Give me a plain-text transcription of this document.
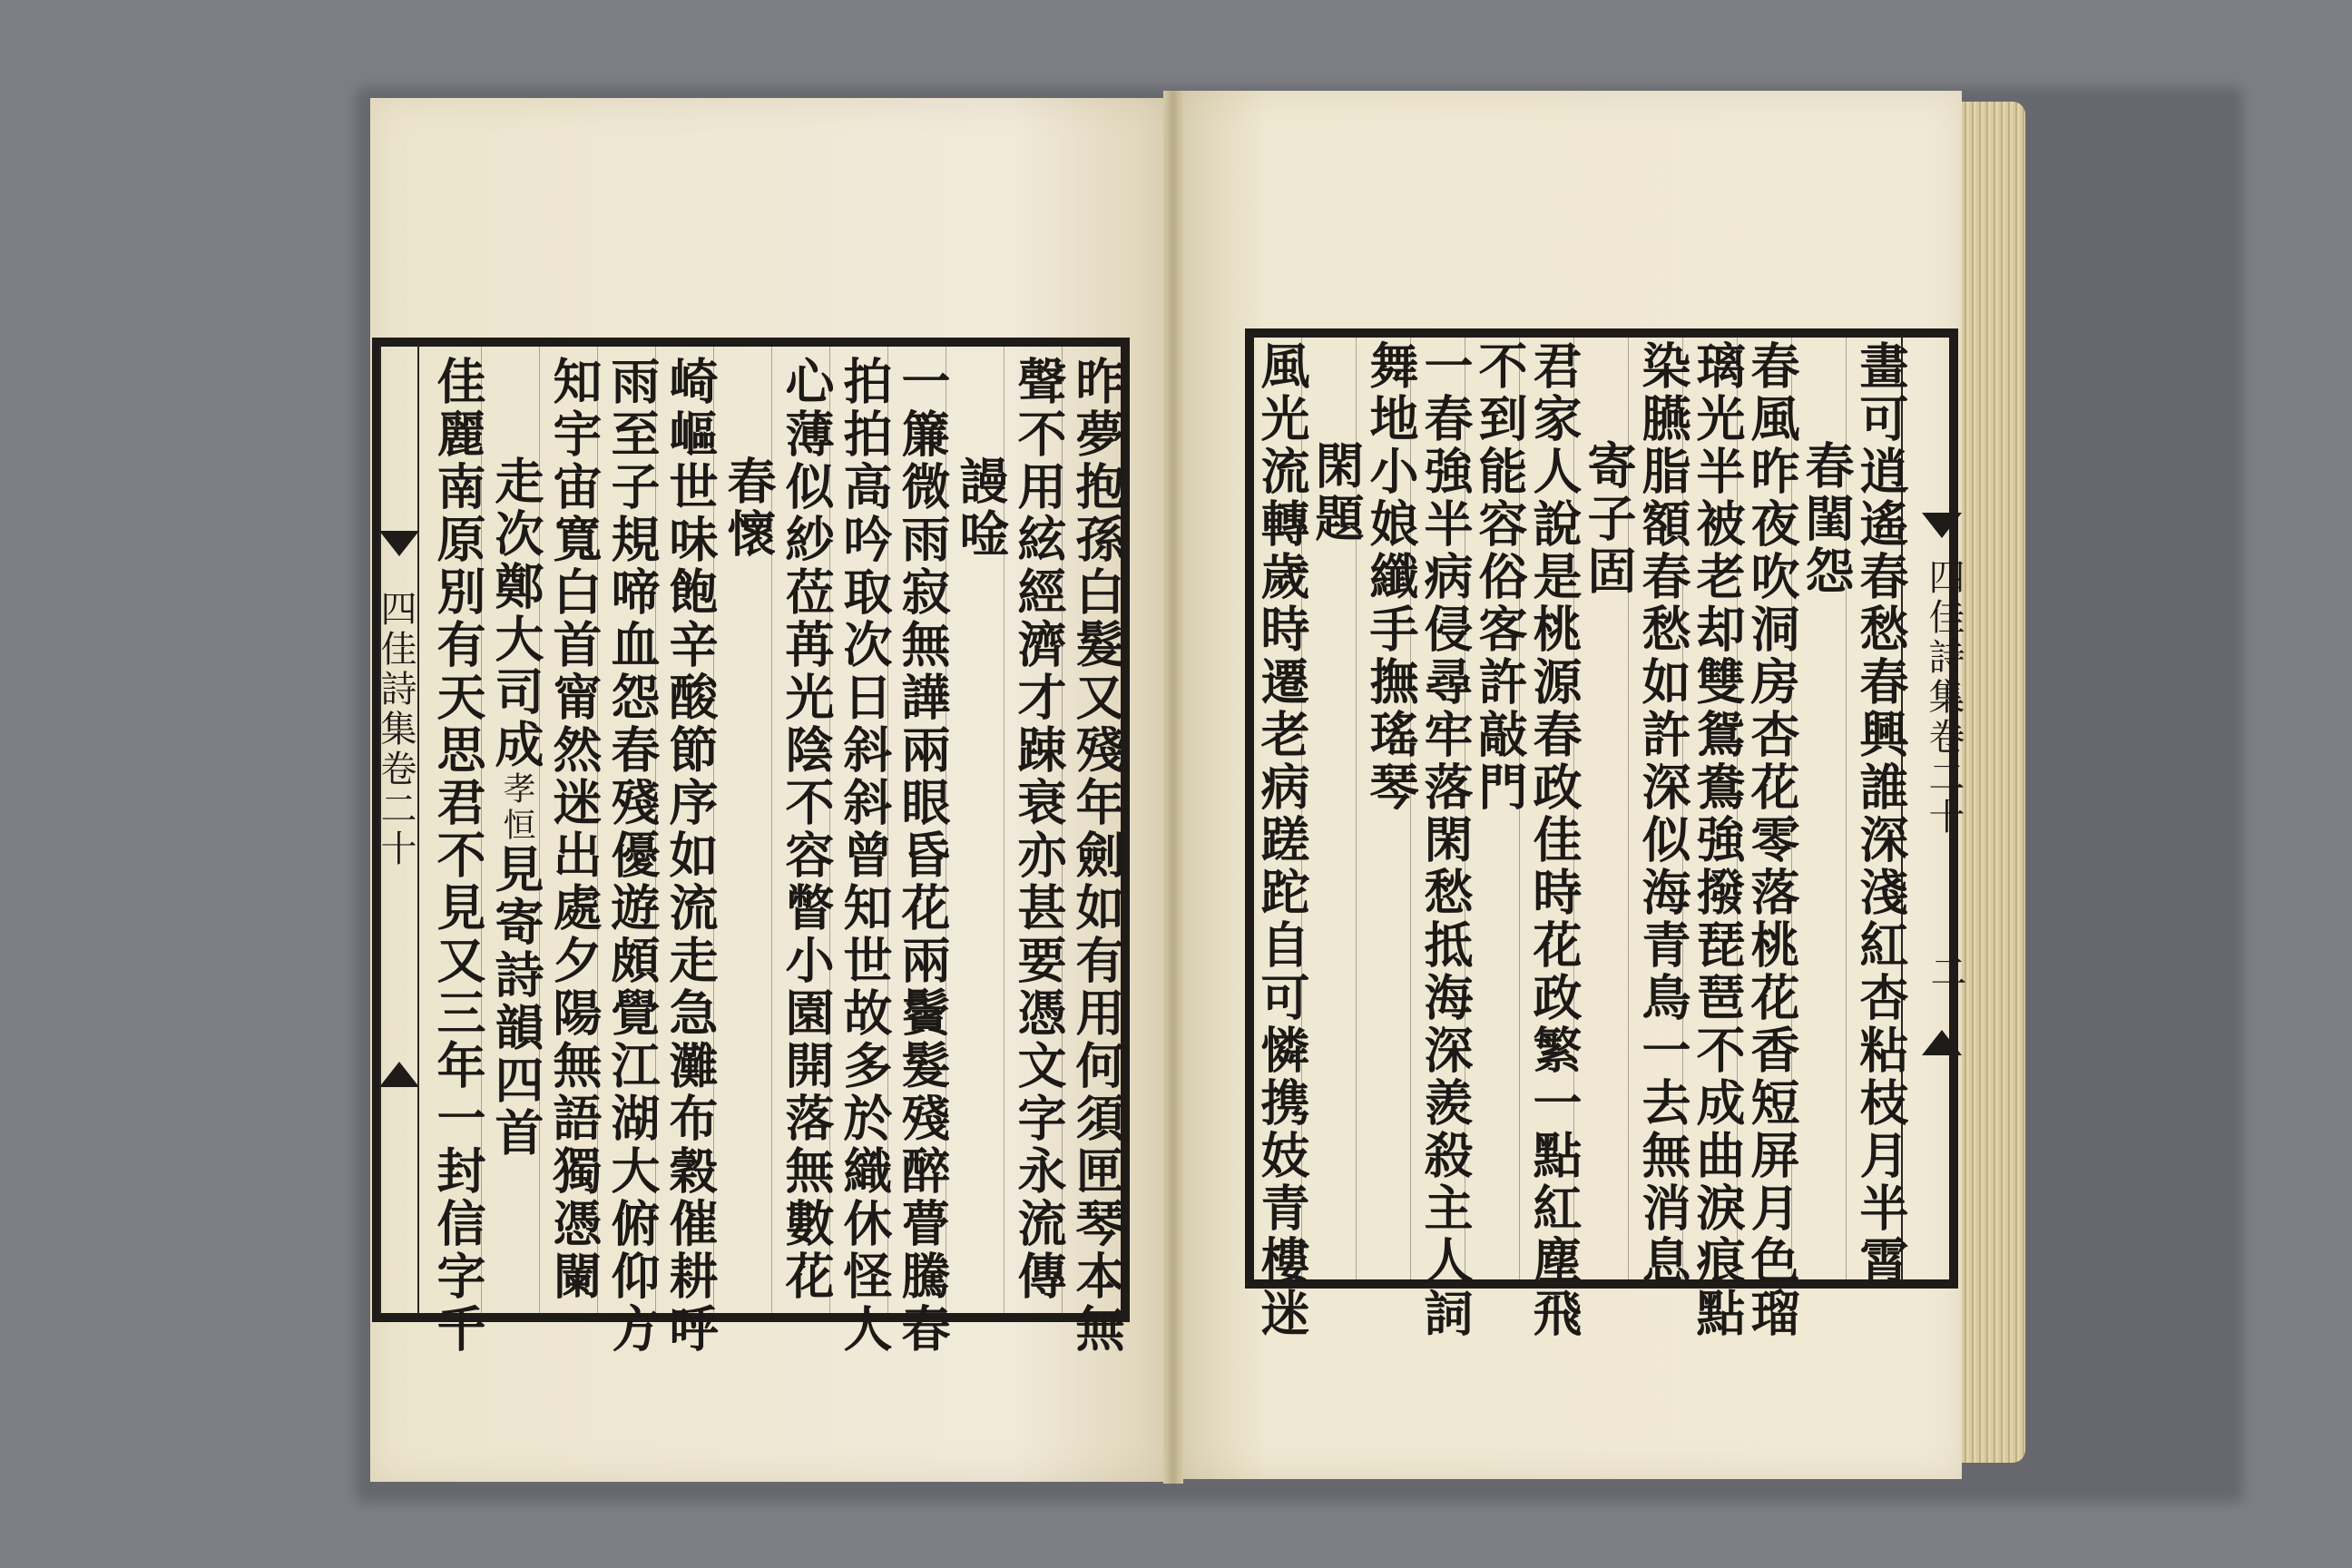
四佳詩集卷二十	昨夢抱孫白髮又殘年劍如有用何須匣琴本無
聲不用絃經濟才踈衰亦甚要憑文字永流傳
謾唫
一簾微雨寂無譁兩眼昏花兩鬢髮殘醉瞢騰春
拍拍高吟取次日斜斜曾知世故多於織休怪人
心薄似紗莅苒光陰不容瞥小園開落無數花
春懷
崎嶇世味飽辛酸節序如流走急灘布穀催耕呼
雨至子規啼血怨春殘優遊頗覺江湖大俯仰方
知宇宙寬白首甯然迷出處夕陽無語獨憑闌
走次鄭大司成孝恒見寄詩韻四首
佳麗南原別有天思君不見又三年一封信字千	四佳詩集卷二十
二
畫可逍遙春愁春興誰深淺紅杏粘枝月半霄
春閨怨
春風昨夜吹洞房杏花零落桃花香短屏月色瑠
璃光半被老却雙鴛鴦強撥琵琶不成曲淚痕點
染臙脂額春愁如許深似海青鳥一去無消息
寄子固
君家人說是桃源春政佳時花政繁一點紅塵飛
不到能容俗客許敲門
一春強半病侵尋牢落閑愁抵海深羨殺主人詞
舞地小娘纖手撫瑤琴
閑題
風光流轉歲時遷老病蹉跎自可憐携妓青樓迷
